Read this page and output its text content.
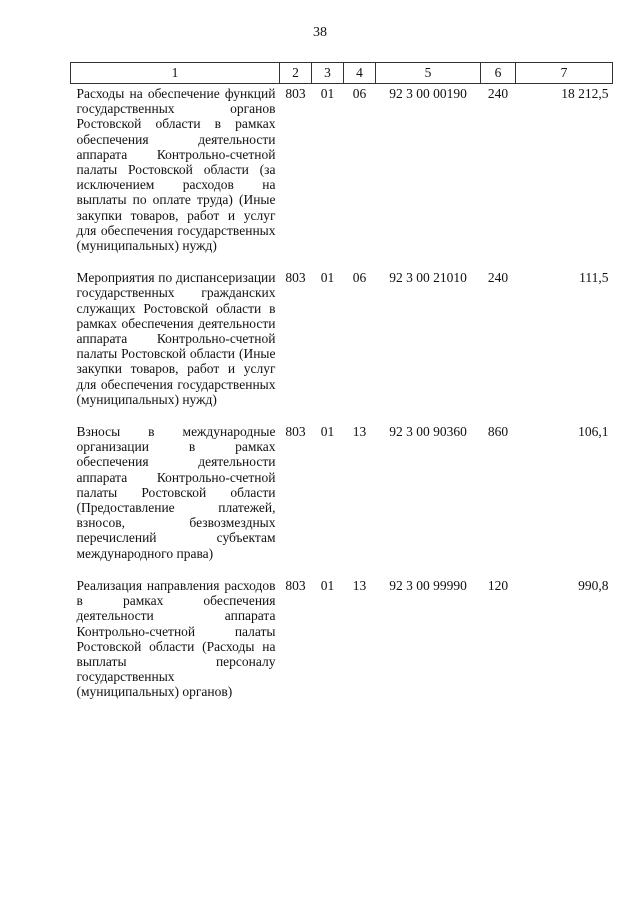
38
1	2	3	4	5	6	7
Расходы на обеспечение функций государственных органов Ростовской области в рамках обеспечения деятельности аппарата Контрольно-счетной палаты Ростовской области (за исключением расходов на выплаты по оплате труда) (Иные закупки товаров, работ и услуг для обеспечения государственных (муниципальных) нужд)	803	01	06	92 3 00 00190	240	18 212,5

Мероприятия по диспансеризации государственных гражданских служащих Ростовской области в рамках обеспечения деятельности аппарата Контрольно-счетной палаты Ростовской области (Иные закупки товаров, работ и услуг для обеспечения государственных (муниципальных) нужд)	803	01	06	92 3 00 21010	240	111,5

Взносы в международные организации в рамках обеспечения деятельности аппарата Контрольно-счетной палаты Ростовской области (Предоставление платежей, взносов, безвозмездных перечислений субъектам международного права)	803	01	13	92 3 00 90360	860	106,1

Реализация направления расходов в рамках обеспечения деятельности аппарата Контрольно-счетной палаты Ростовской области (Расходы на выплаты персоналу государственных (муниципальных) органов)	803	01	13	92 3 00 99990	120	990,8
